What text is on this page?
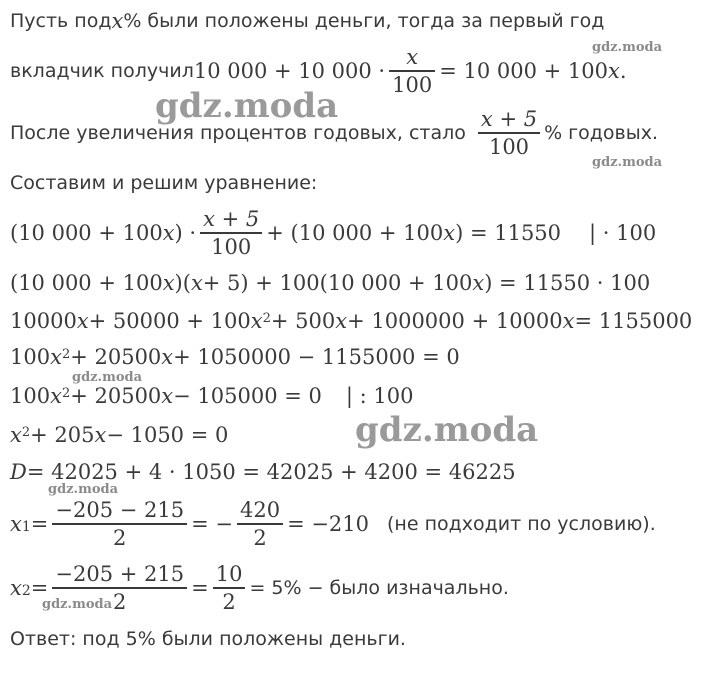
Пусть под x % были положены деньги, тогда за первый год
вкладчик получил 10 000 + 10 $000 \cdot \frac{x}{100} = 10$ 000 + 100 x .
После увеличения процентов годовых, стало $\frac{x + 5}{100}$ % годовых.
Составим и решим уравнение:
(10 000 + 100 x ) · $\frac{x + 5}{100} + (10$ 000 + 100 x ) = 11550 | · 100
(10 000 + 100 x )( x + 5) + 100(10 000 + 100 x ) = 11550 · 100
10000 x + 50000 + 100 $x^2 + 500$ x + 1000000 + 10000 x = 1155000
100 $x^2 + 20500$ x + 1050000 − 1155000 = 0
100 $x^2 + 20500$ x − 105000 = 0 | : 100
$x^2 + 205$ x − 1050 = 0
D = 42025 + 4 · 1050 = 42025 + 4200 = 46225
$x_1 = \frac{-205 - 215}{2}$ = − $\frac{420}{2} = -210$ (не подходит по условию).
$x_2 = \frac{-205 + 215}{2} = \frac{10}{2} = 5\%$ − было изначально.
Ответ: под 5% были положены деньги.
gdz.moda
gdz.moda
gdz.moda
gdz.moda
gdz.moda
gdz.moda
gdz.moda
